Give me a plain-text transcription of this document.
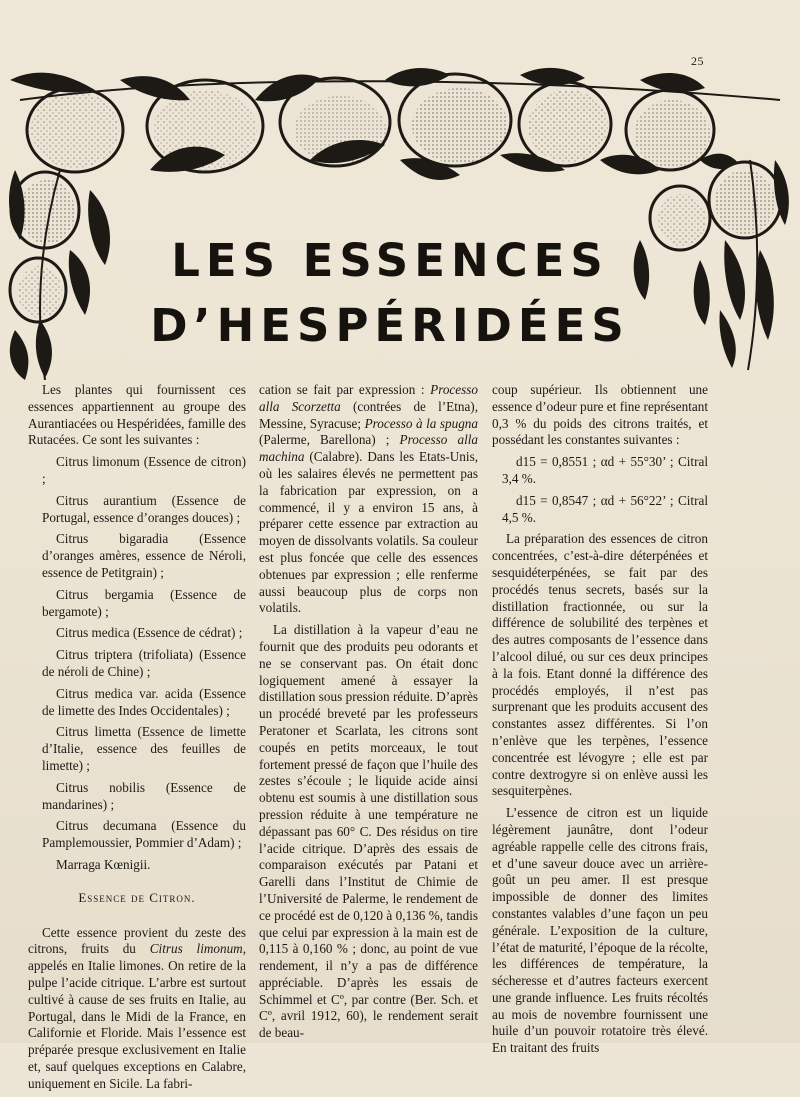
25
LES ESSENCES
D’HESPÉRIDÉES

Les plantes qui fournissent ces essences appartiennent au groupe des Aurantiacées ou Hespéridées, famille des Rutacées. Ce sont les suivantes :

Citrus limonum (Essence de citron) ;

Citrus aurantium (Essence de Portugal, essence d’oranges douces) ;

Citrus bigaradia (Essence d’oranges amères, essence de Néroli, essence de Petitgrain) ;

Citrus bergamia (Essence de bergamote) ;

Citrus medica (Essence de cédrat) ;

Citrus triptera (trifoliata) (Essence de néroli de Chine) ;

Citrus medica var. acida (Essence de limette des Indes Occidentales) ;

Citrus limetta (Essence de limette d’Italie, essence des feuilles de limette) ;

Citrus nobilis (Essence de mandarines) ;

Citrus decumana (Essence du Pamplemoussier, Pommier d’Adam) ;

Marraga Kœnigii.

Essence de Citron.

Cette essence provient du zeste des citrons, fruits du Citrus limonum, appelés en Italie limones. On retire de la pulpe l’acide citrique. L’arbre est surtout cultivé à cause de ses fruits en Italie, au Portugal, dans le Midi de la France, en Californie et Floride. Mais l’essence est préparée presque exclusivement en Italie et, sauf quelques exceptions en Calabre, uniquement en Sicile. La fabri-

cation se fait par expression : Processo alla Scorzetta (contrées de l’Etna), Messine, Syracuse; Processo à la spugna (Palerme, Barellona) ; Processo alla machina (Calabre). Dans les Etats-Unis, où les salaires élevés ne permettent pas la fabrication par expression, on a commencé, il y a environ 15 ans, à préparer cette essence par extraction au moyen de dissolvants volatils. Sa couleur est plus foncée que celle des essences obtenues par expression ; elle renferme aussi beaucoup plus de corps non volatils.

La distillation à la vapeur d’eau ne fournit que des produits peu odorants et ne se conservant pas. On était donc logiquement amené à essayer la distillation sous pression réduite. D’après un procédé breveté par les professeurs Peratoner et Scarlata, les citrons sont coupés en petits morceaux, le tout fortement pressé de façon que l’huile des zestes s’écoule ; le liquide acide ainsi obtenu est soumis à une distillation sous pression réduite à une température ne dépassant pas 60° C. Des résidus on tire l’acide citrique. D’après des essais de comparaison exécutés par Patani et Garelli dans l’Institut de Chimie de l’Université de Palerme, le rendement de ce procédé est de 0,120 à 0,136 %, tandis que celui par expression à la main est de 0,115 à 0,160 % ; donc, au point de vue rendement, il n’y a pas de différence appréciable. D’après les essais de Schimmel et Cº, par contre (Ber. Sch. et Cº, avril 1912, 60), le rendement serait de beau-

coup supérieur. Ils obtiennent une essence d’odeur pure et fine représentant 0,3 % du poids des citrons traités, et possédant les constantes suivantes :

d15 = 0,8551 ; αd + 55°30’ ; Citral 3,4 %.

d15 = 0,8547 ; αd + 56°22’ ; Citral 4,5 %.

La préparation des essences de citron concentrées, c’est-à-dire déterpénées et sesquidéterpénées, se fait par des procédés tenus secrets, basés sur la distillation fractionnée, ou sur la différence de solubilité des terpènes et des autres composants de l’essence dans l’alcool dilué, ou sur ces deux principes à la fois. Etant donné la différence des procédés employés, il n’est pas surprenant que les produits accusent des constantes assez différentes. Si l’on n’enlève que les terpènes, l’essence concentrée est lévogyre ; elle est par contre dextrogyre si on enlève aussi les sesquiterpènes.

L’essence de citron est un liquide légèrement jaunâtre, dont l’odeur agréable rappelle celle des citrons frais, et d’une saveur douce avec un arrière-goût un peu amer. Il est presque impossible de donner des limites constantes valables d’une façon un peu générale. L’exposition de la culture, l’état de maturité, l’époque de la récolte, les différences de température, la sécheresse et d’autres facteurs exercent une grande influence. Les fruits récoltés au mois de novembre fournissent une huile d’un pouvoir rotatoire très élevé. En traitant des fruits
